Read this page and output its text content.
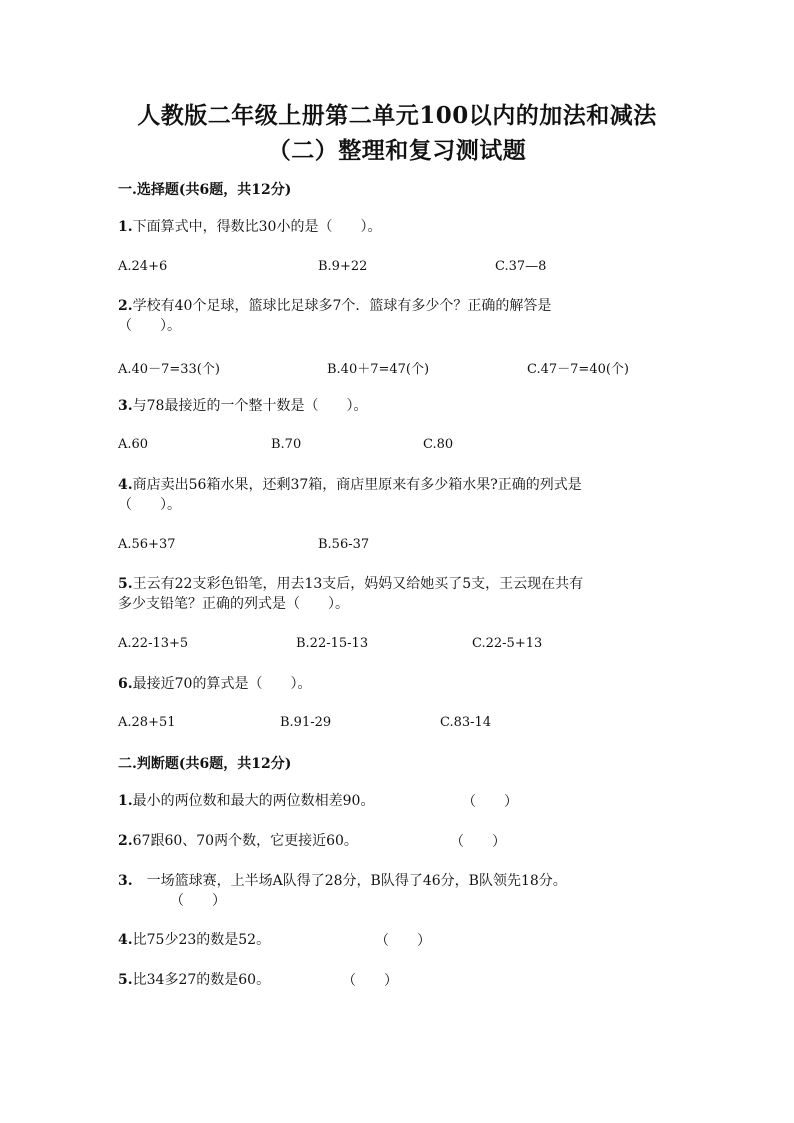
人教版二年级上册第二单元100以内的加法和减法
（二）整理和复习测试题
一.选择题(共6题，共12分)
1.下面算式中，得数比30小的是（　　）。
A.24+6	B.9+22	C.37—8
2.学校有40个足球，篮球比足球多7个．篮球有多少个？正确的解答是
（　　）。
A.40－7=33(个)	B.40＋7=47(个)	C.47－7=40(个)
3.与78最接近的一个整十数是（　　）。
A.60	B.70	C.80
4.商店卖出56箱水果，还剩37箱，商店里原来有多少箱水果?正确的列式是
（　　）。
A.56+37	B.56-37
5.王云有22支彩色铅笔，用去13支后，妈妈又给她买了5支，王云现在共有
多少支铅笔？正确的列式是（　　）。
A.22-13+5	B.22-15-13	C.22-5+13
6.最接近70的算式是（　　）。
A.28+51	B.91-29	C.83-14
二.判断题(共6题，共12分)
1.最小的两位数和最大的两位数相差90。	（　　）
2.67跟60、70两个数，它更接近60。	（　　）
3.　一场篮球赛，上半场A队得了28分，B队得了46分，B队领先18分。
（　　）
4.比75少23的数是52。	（　　）
5.比34多27的数是60。	（　　）
